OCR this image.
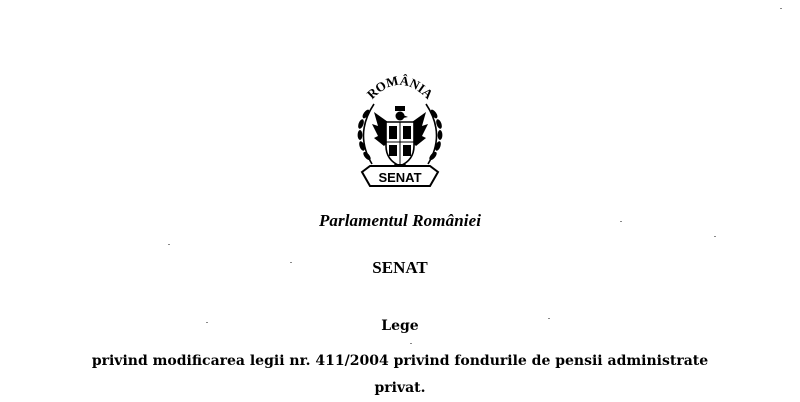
ROMÂNIA
SENAT
Parlamentul României
SENAT
Lege
privind modificarea legii nr. 411/2004 privind fondurile de pensii administrate privat.
